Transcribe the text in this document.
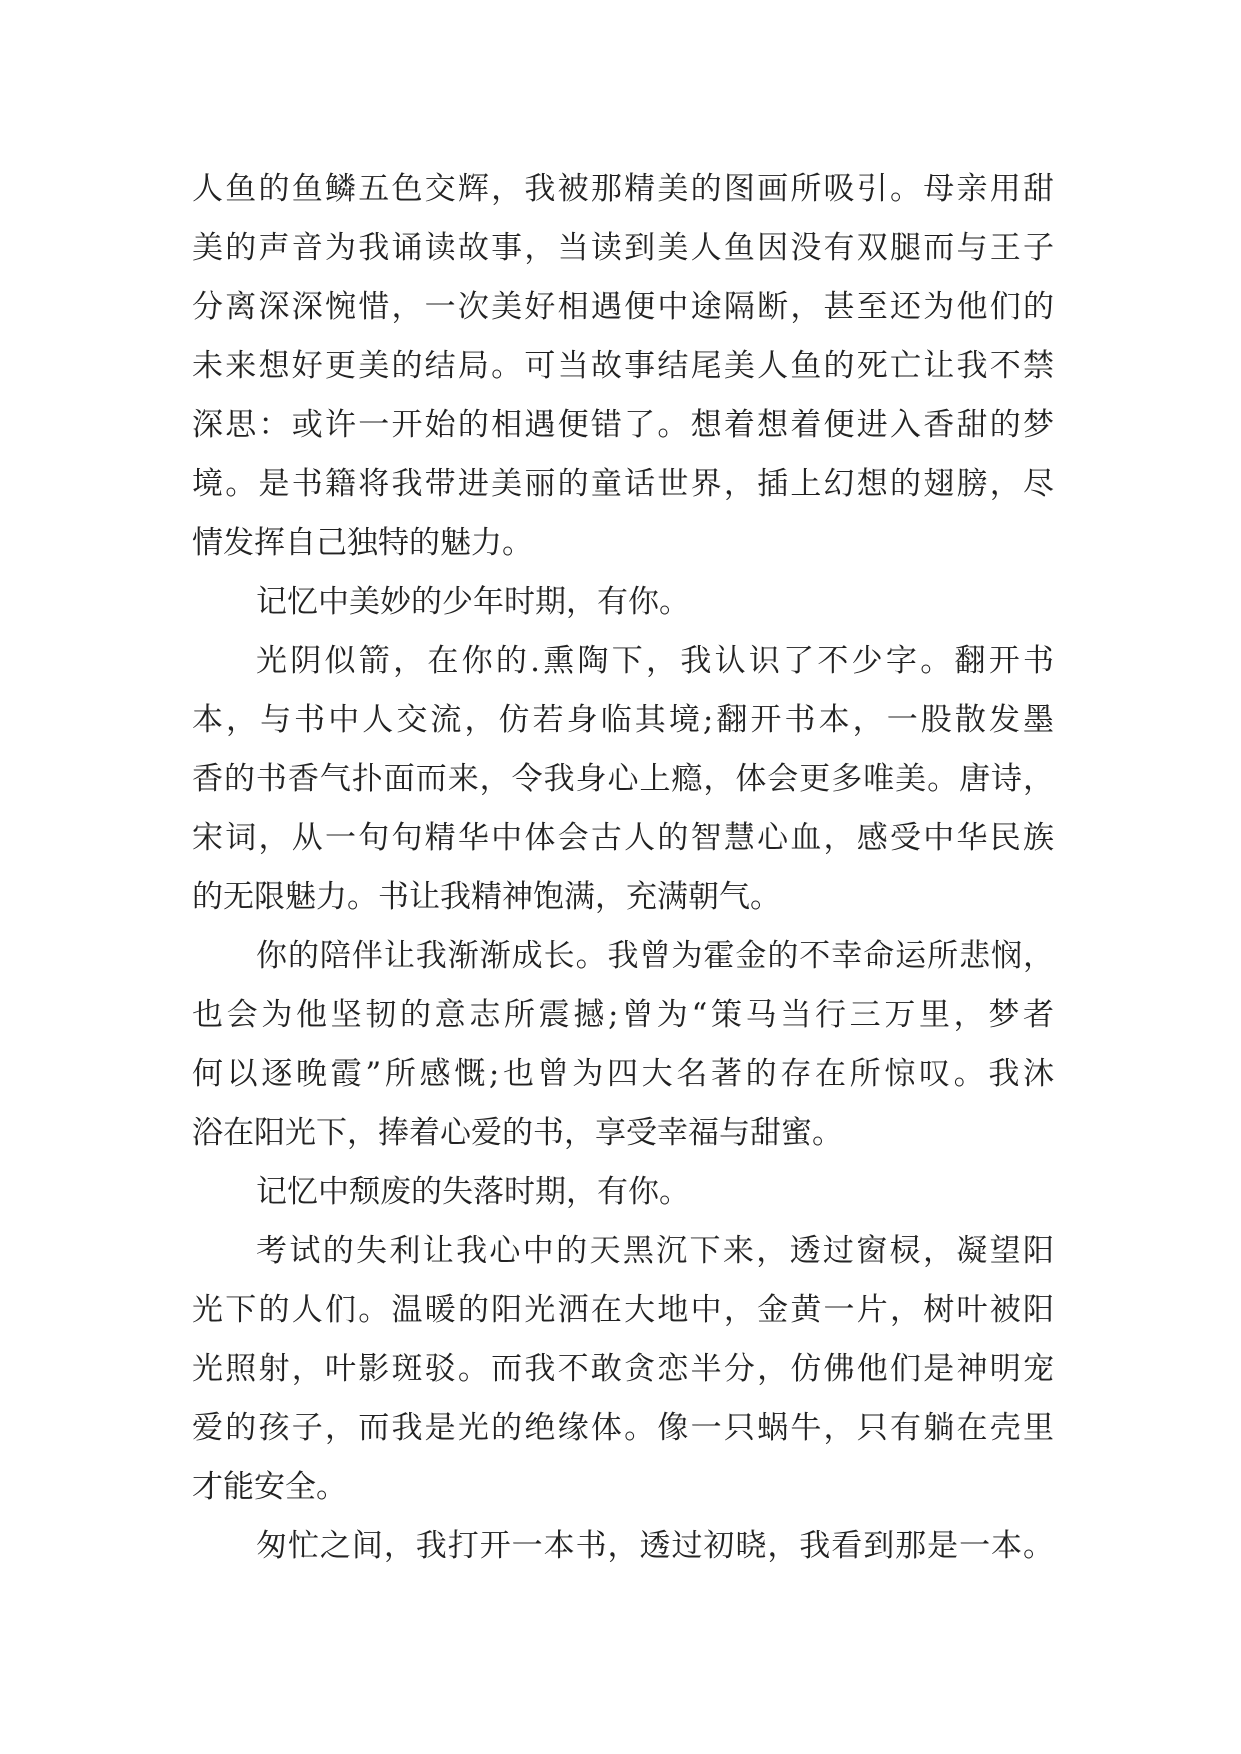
人鱼的鱼鳞五色交辉，我被那精美的图画所吸引。母亲用甜
美的声音为我诵读故事，当读到美人鱼因没有双腿而与王子
分离深深惋惜，一次美好相遇便中途隔断，甚至还为他们的
未来想好更美的结局。可当故事结尾美人鱼的死亡让我不禁
深思：或许一开始的相遇便错了。想着想着便进入香甜的梦
境。是书籍将我带进美丽的童话世界，插上幻想的翅膀，尽
情发挥自己独特的魅力。
记忆中美妙的少年时期，有你。
光阴似箭，在你的.熏陶下，我认识了不少字。翻开书
本，与书中人交流，仿若身临其境;翻开书本，一股散发墨
香的书香气扑面而来，令我身心上瘾，体会更多唯美。唐诗，
宋词，从一句句精华中体会古人的智慧心血，感受中华民族
的无限魅力。书让我精神饱满，充满朝气。
你的陪伴让我渐渐成长。我曾为霍金的不幸命运所悲悯，
也会为他坚韧的意志所震撼;曾为“策马当行三万里，梦者
何以逐晚霞”所感慨;也曾为四大名著的存在所惊叹。我沐
浴在阳光下，捧着心爱的书，享受幸福与甜蜜。
记忆中颓废的失落时期，有你。
考试的失利让我心中的天黑沉下来，透过窗棂，凝望阳
光下的人们。温暖的阳光洒在大地中，金黄一片，树叶被阳
光照射，叶影斑驳。而我不敢贪恋半分，仿佛他们是神明宠
爱的孩子，而我是光的绝缘体。像一只蜗牛，只有躺在壳里
才能安全。
匆忙之间，我打开一本书，透过初晓，我看到那是一本。
